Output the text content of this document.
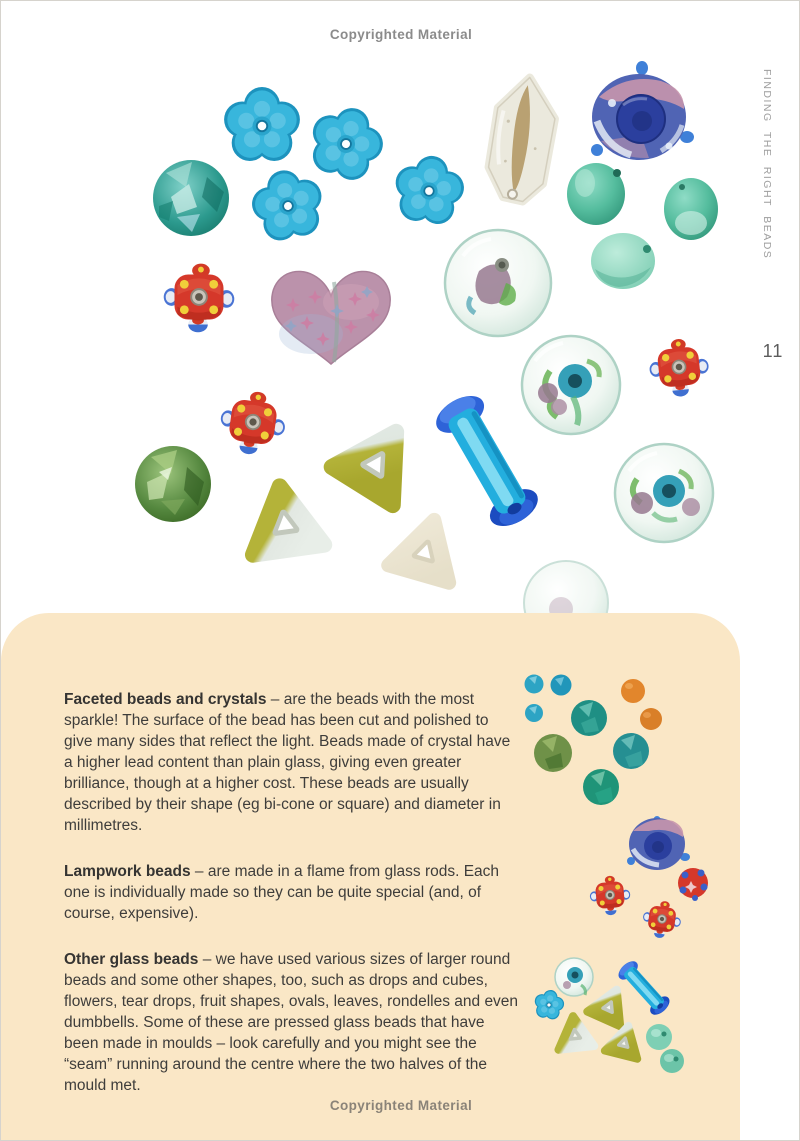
Copyrighted Material
FINDING THE RIGHT BEADS
11

Faceted beads and crystals – are the beads with the most sparkle! The surface of the bead has been cut and polished to give many sides that reflect the light. Beads made of crystal have a higher lead content than plain glass, giving even greater brilliance, though at a higher cost. These beads are usually described by their shape (eg bi-cone or square) and diameter in millimetres.

Lampwork beads – are made in a flame from glass rods. Each one is individually made so they can be quite special (and, of course, expensive).

Other glass beads – we have used various sizes of larger round beads and some other shapes, too, such as drops and cubes, flowers, tear drops, fruit shapes, ovals, leaves, rondelles and even dumbbells. Some of these are pressed glass beads that have been made in moulds – look carefully and you might see the “seam” running around the centre where the two halves of the mould met.

Copyrighted Material
